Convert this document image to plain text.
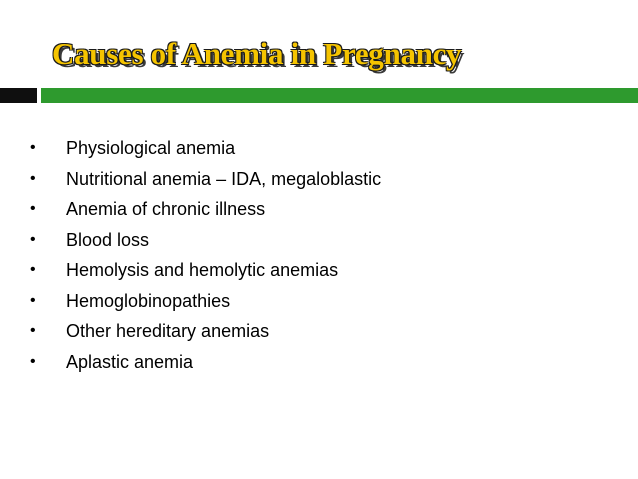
Causes of Anemia in Pregnancy
• Physiological anemia
• Nutritional anemia – IDA, megaloblastic
• Anemia of chronic illness
• Blood loss
• Hemolysis and hemolytic anemias
• Hemoglobinopathies
• Other hereditary anemias
• Aplastic anemia
